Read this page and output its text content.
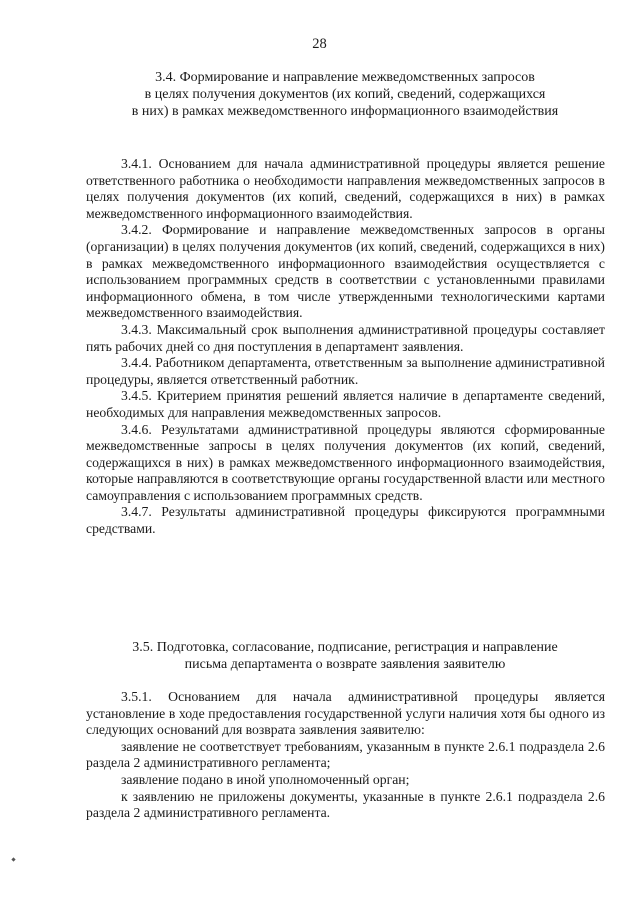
28
3.4. Формирование и направление межведомственных запросов
в целях получения документов (их копий, сведений, содержащихся
в них) в рамках межведомственного информационного взаимодействия

3.4.1. Основанием для начала административной процедуры является решение ответственного работника о необходимости направления межведомственных запросов в целях получения документов (их копий, сведений, содержащихся в них) в рамках межведомственного информационного взаимодействия.

3.4.2. Формирование и направление межведомственных запросов в органы (организации) в целях получения документов (их копий, сведений, содержащихся в них) в рамках межведомственного информационного взаимодействия осуществляется с использованием программных средств в соответствии с установленными правилами информационного обмена, в том числе утвержденными технологическими картами межведомственного взаимодействия.

3.4.3. Максимальный срок выполнения административной процедуры составляет пять рабочих дней со дня поступления в департамент заявления.

3.4.4. Работником департамента, ответственным за выполнение административной процедуры, является ответственный работник.

3.4.5. Критерием принятия решений является наличие в департаменте сведений, необходимых для направления межведомственных запросов.

3.4.6. Результатами административной процедуры являются сформированные межведомственные запросы в целях получения документов (их копий, сведений, содержащихся в них) в рамках межведомственного информационного взаимодействия, которые направляются в соответствующие органы государственной власти или местного самоуправления с использованием программных средств.

3.4.7. Результаты административной процедуры фиксируются программными средствами.

3.5. Подготовка, согласование, подписание, регистрация и направление
письма департамента о возврате заявления заявителю

3.5.1. Основанием для начала административной процедуры является установление в ходе предоставления государственной услуги наличия хотя бы одного из следующих оснований для возврата заявления заявителю:

заявление не соответствует требованиям, указанным в пункте 2.6.1 подраздела 2.6 раздела 2 административного регламента;

заявление подано в иной уполномоченный орган;

к заявлению не приложены документы, указанные в пункте 2.6.1 подраздела 2.6 раздела 2 административного регламента.
